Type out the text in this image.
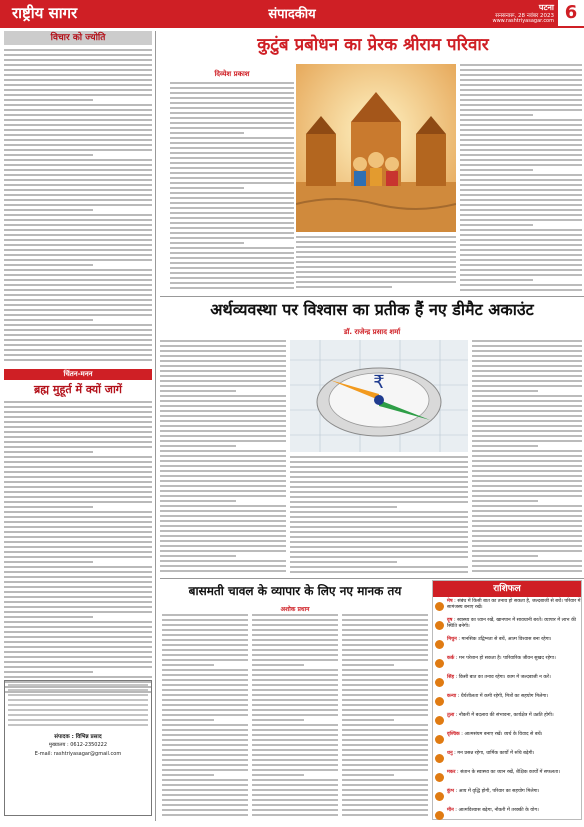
राष्ट्रीय सागर	संपादकीय	पटना
सनसनारू, 28 नवंबर 2023
www.rashtriyasagar.com 6
विचार को ज्योति
चिंतन-मनन
ब्रह्म मुहूर्त में क्यों जागें
संपादक : विभिन्न प्रसाद
मुख्यालय : 0612-2350222
E-mail: rashtriyasagar@gmail.com
कुटुंब प्रबोधन का प्रेरक श्रीराम परिवार
दिव्येश प्रकाश
अर्थव्यवस्था पर विश्वास का प्रतीक हैं नए डीमैट अकाउंट
डॉ. राजेन्द्र प्रसाद शर्मा
₹
बासमती चावल के व्यापार के लिए नए मानक तय
अशोक प्रधान
राशिफल
मेष : संबंध में किसी बात का तनाव हो सकता है, जल्दबाजी से बचें। परिवार में सामंजस्य बनाए रखें।
वृष : स्वास्थ्य का ध्यान रखें, खानपान में सावधानी बरतें। व्यापार में लाभ की स्थिति बनेगी।
मिथुन : मानसिक उद्विग्नता से बचें, आत्म विश्वास बना रहेगा।
कर्क : मन परेशान हो सकता है। पारिवारिक जीवन सुखद रहेगा।
सिंह : किसी बात का तनाव रहेगा। काम में जल्दबाजी न करें।
कन्या : धैर्यशीलता में कमी रहेगी, मित्रों का सहयोग मिलेगा।
तुला : नौकरी में बदलाव की संभावना, कार्यक्षेत्र में उन्नति होगी।
वृश्चिक : आत्मसंयम बनाए रखें। व्यर्थ के विवाद से बचें।
धनु : मन प्रसन्न रहेगा, धार्मिक कार्यों में रुचि बढ़ेगी।
मकर : संतान के स्वास्थ्य का ध्यान रखें, शैक्षिक कार्यों में सफलता।
कुंभ : आय में वृद्धि होगी, परिवार का सहयोग मिलेगा।
मीन : आत्मविश्वास बढ़ेगा, नौकरी में तरक्की के योग।
